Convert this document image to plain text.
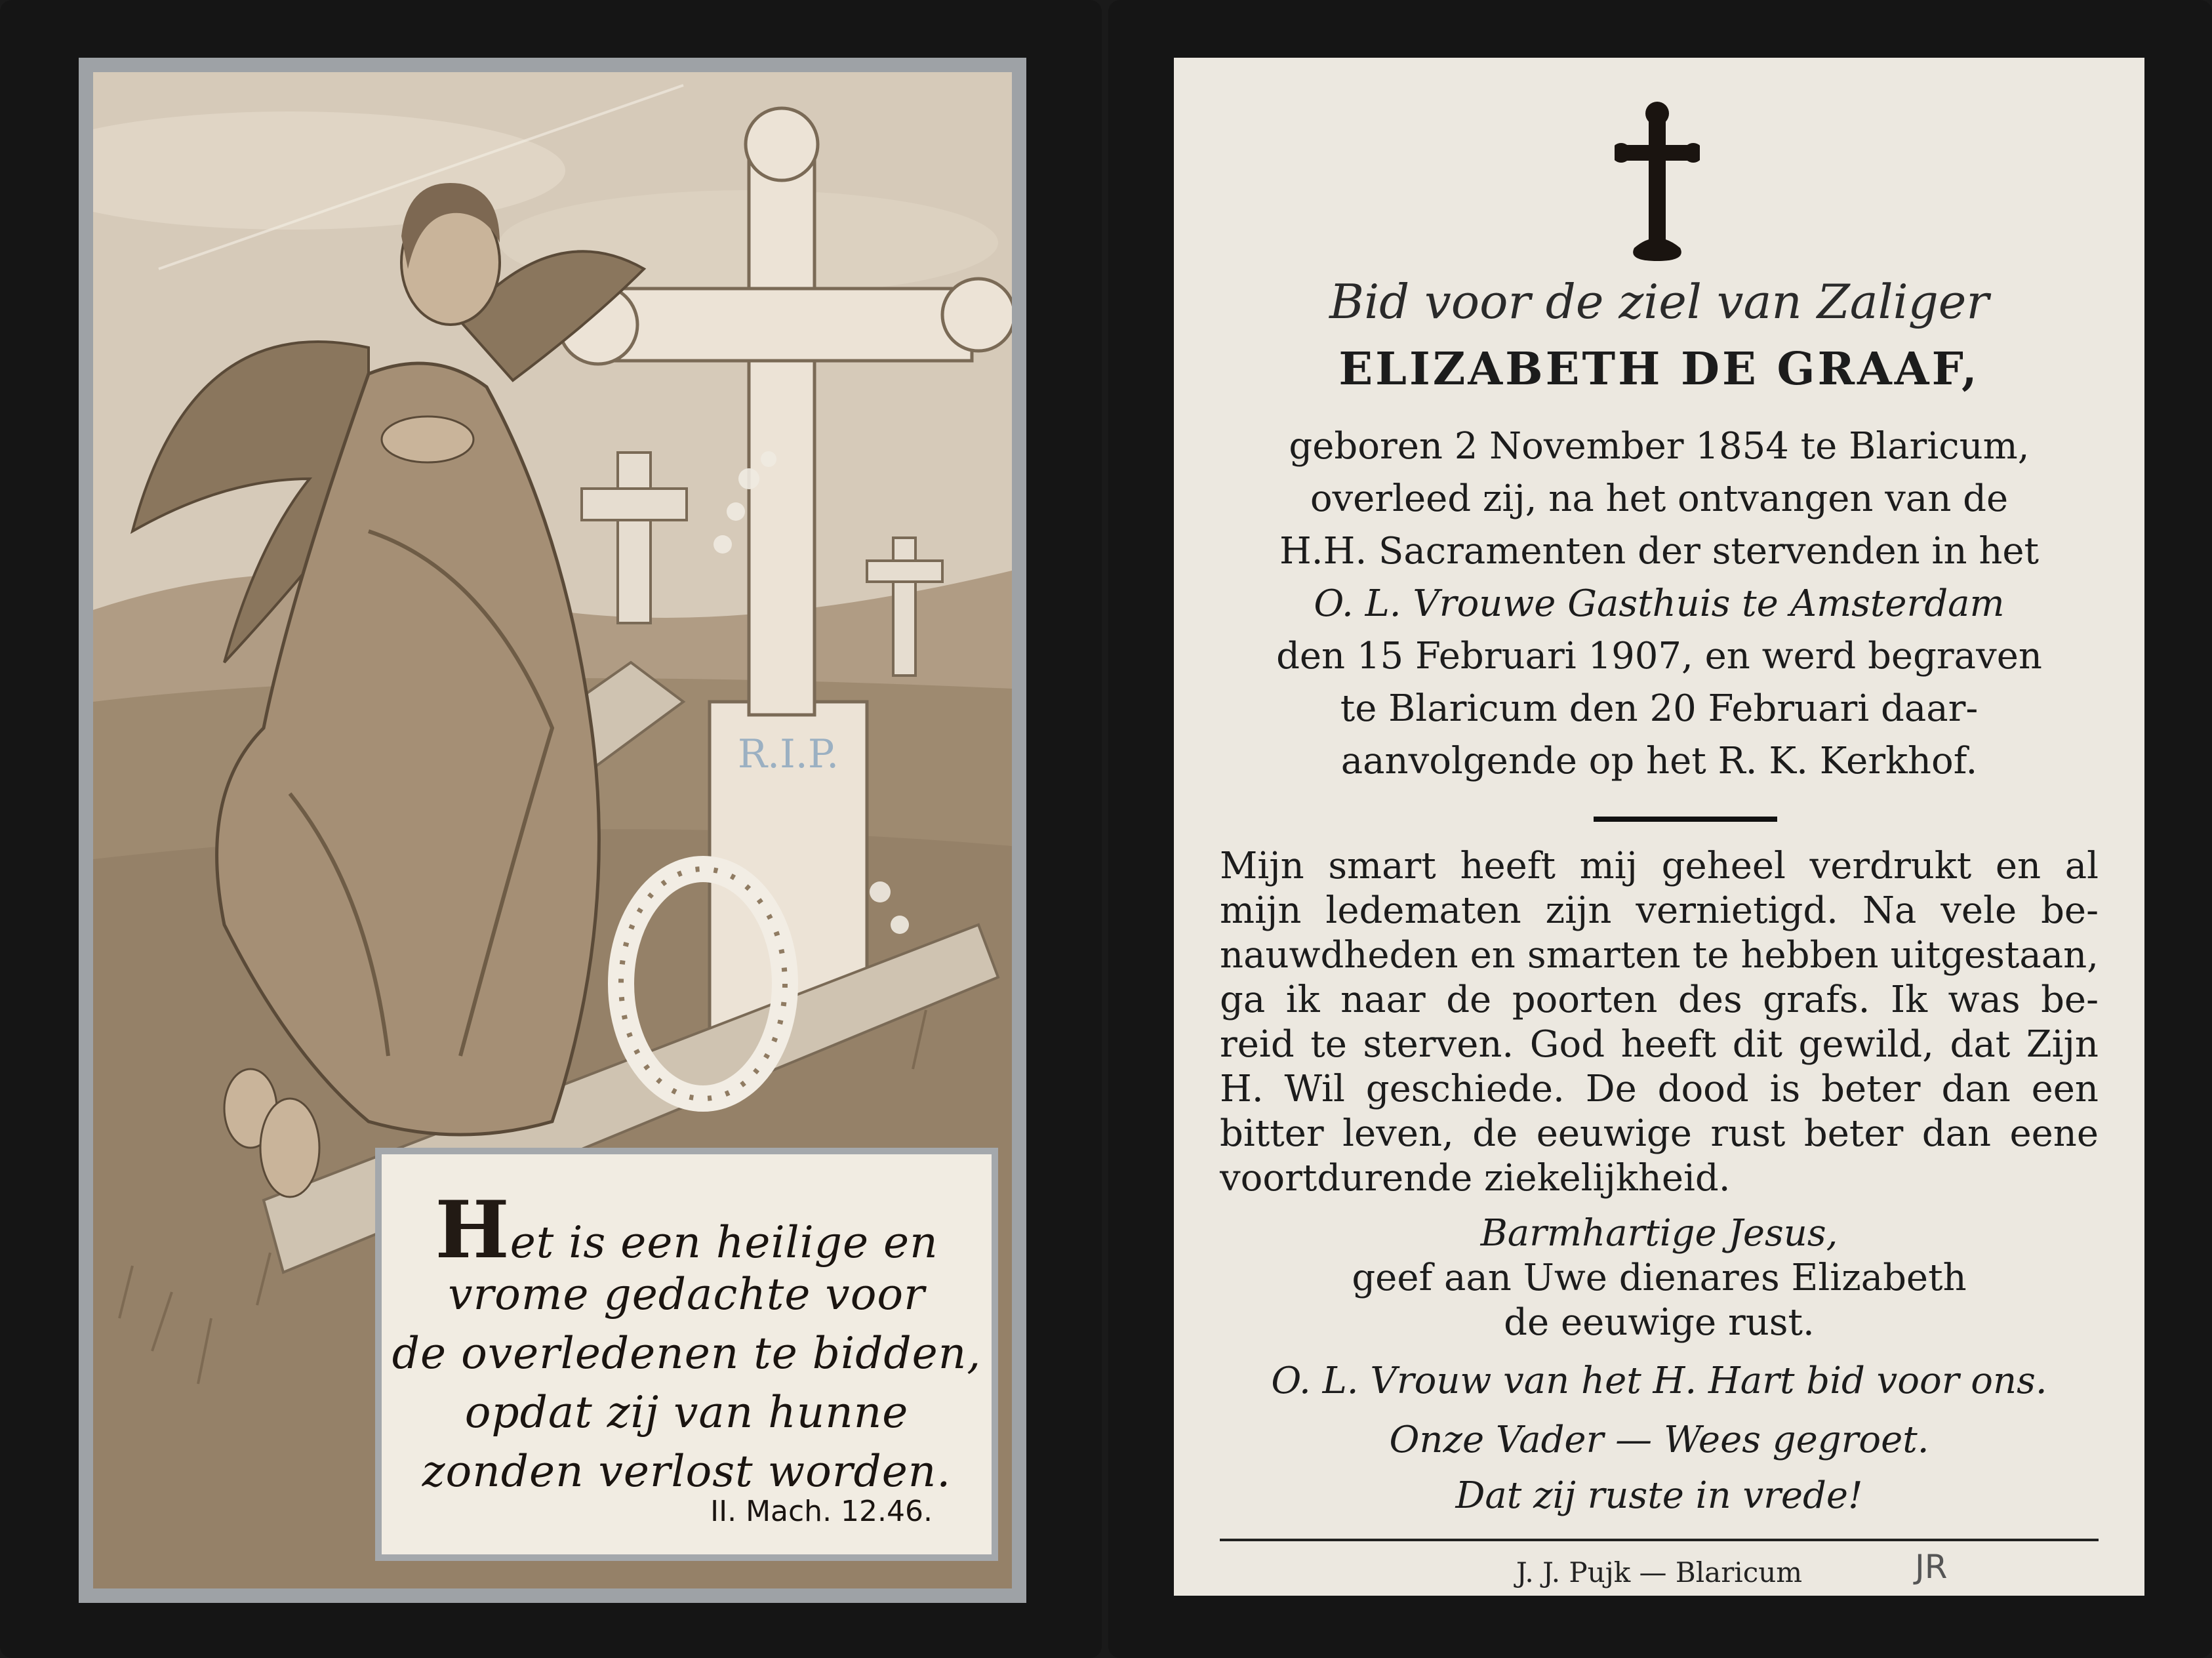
R.I.P.
Het is een heilige en
vrome gedachte voor
de overledenen te bidden,
opdat zij van hunne
zonden verlost worden.
II. Mach. 12.46.
Bid voor de ziel van Zaliger
ELIZABETH DE GRAAF,
geboren 2 November 1854 te Blaricum,
overleed zij, na het ontvangen van de
H.H. Sacramenten der stervenden in het
O. L. Vrouwe Gasthuis te Amsterdam
den 15 Februari 1907, en werd begraven
te Blaricum den 20 Februari daar-
aanvolgende op het R. K. Kerkhof.
Mijn smart heeft mij geheel verdrukt en al
mijn ledematen zijn vernietigd. Na vele be-
nauwdheden en smarten te hebben uitgestaan,
ga ik naar de poorten des grafs. Ik was be-
reid te sterven. God heeft dit gewild, dat Zijn
H. Wil geschiede. De dood is beter dan een
bitter leven, de eeuwige rust beter dan eene
voortdurende ziekelijkheid.
Barmhartige Jesus,
geef aan Uwe dienares Elizabeth
de eeuwige rust.
O. L. Vrouw van het H. Hart bid voor ons.
Onze Vader — Wees gegroet.
Dat zij ruste in vrede!
J. J. Pujk — Blaricum	JR
